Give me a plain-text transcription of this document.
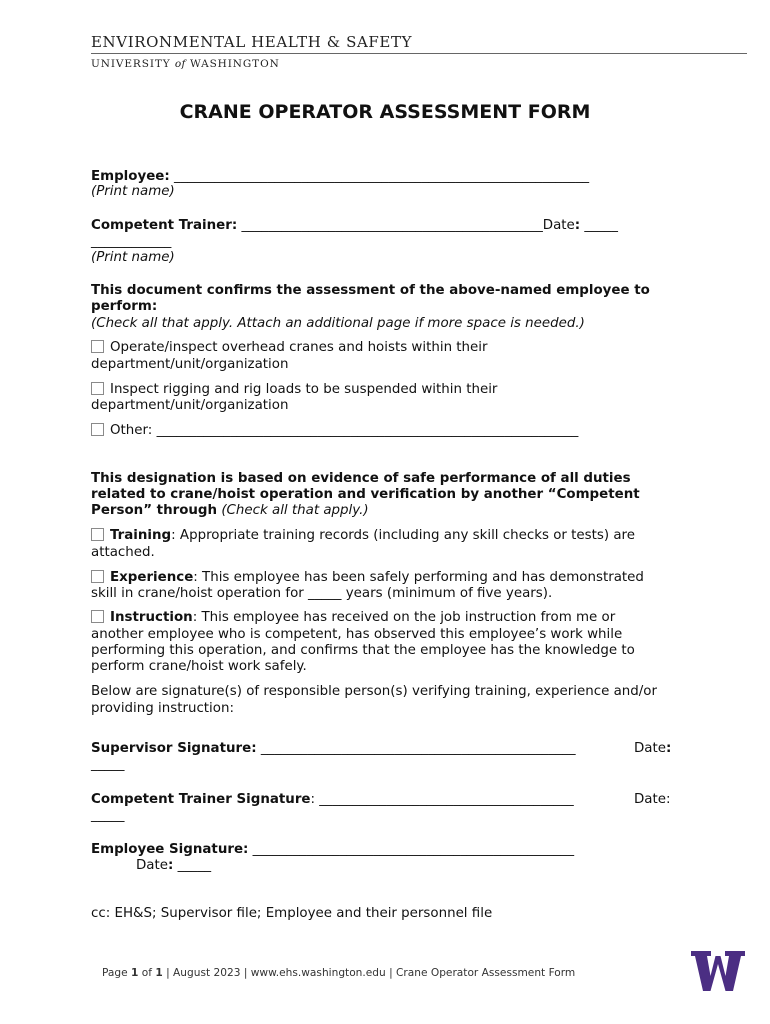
ENVIRONMENTAL HEALTH & SAFETY
UNIVERSITY of WASHINGTON
CRANE OPERATOR ASSESSMENT FORM
Employee: ______________________________________________________________
(Print name)
Competent Trainer: _____________________________________________Date: _____
____________
(Print name)
This document confirms the assessment of the above-named employee to
perform:
(Check all that apply. Attach an additional page if more space is needed.)
Operate/inspect overhead cranes and hoists within their
department/unit/organization
Inspect rigging and rig loads to be suspended within their
department/unit/organization
Other: _______________________________________________________________
This designation is based on evidence of safe performance of all duties
related to crane/hoist operation and verification by another “Competent
Person” through (Check all that apply.)
Training: Appropriate training records (including any skill checks or tests) are
attached.
Experience: This employee has been safely performing and has demonstrated
skill in crane/hoist operation for _____ years (minimum of five years).
Instruction: This employee has received on the job instruction from me or
another employee who is competent, has observed this employee’s work while
performing this operation, and confirms that the employee has the knowledge to
perform crane/hoist work safely.
Below are signature(s) of responsible person(s) verifying training, experience and/or
providing instruction:
Supervisor Signature: _______________________________________________	Date:
_____
Competent Trainer Signature: ______________________________________	Date:
_____
Employee Signature: ________________________________________________
Date: _____
cc: EH&S; Supervisor file; Employee and their personnel file
Page 1 of 1 | August 2023 | www.ehs.washington.edu | Crane Operator Assessment Form
